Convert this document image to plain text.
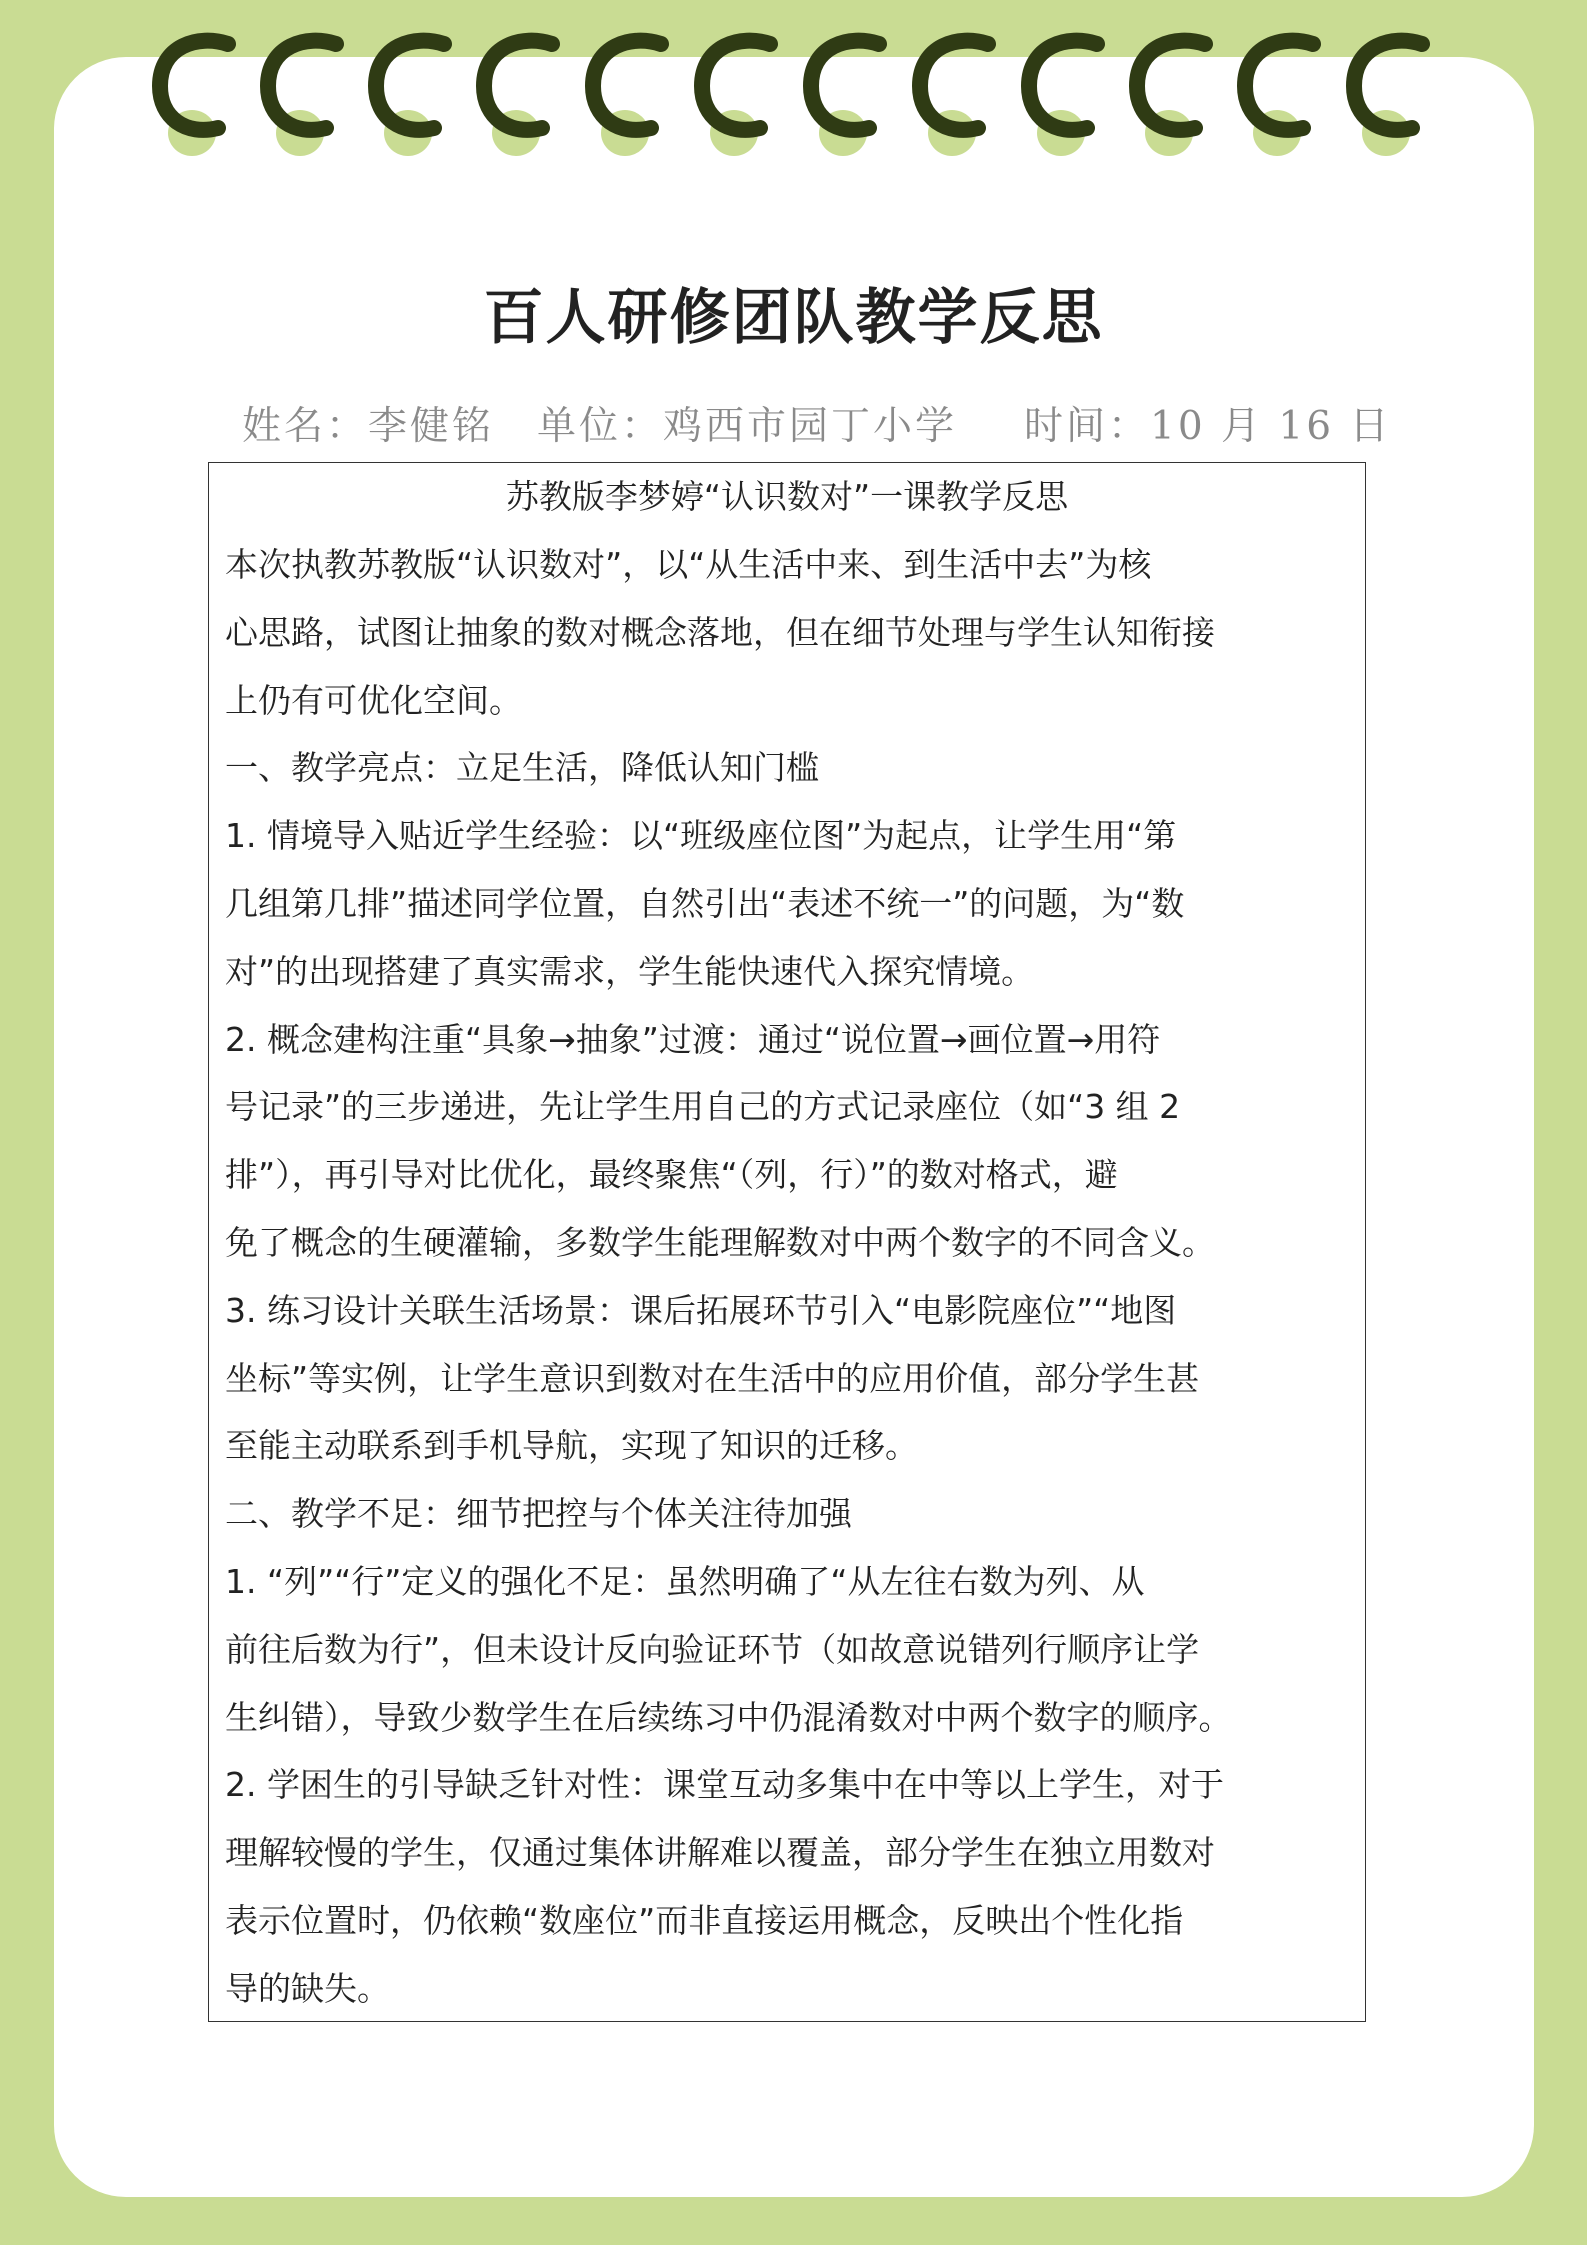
百人研修团队教学反思
姓名：李健铭 单位：鸡西市园丁小学 时间：10 月 16 日
苏教版李梦婷“认识数对”一课教学反思
本次执教苏教版“认识数对”，以“从生活中来、到生活中去”为核
心思路，试图让抽象的数对概念落地，但在细节处理与学生认知衔接
上仍有可优化空间。
一、教学亮点：立足生活，降低认知门槛
1. 情境导入贴近学生经验：以“班级座位图”为起点，让学生用“第
几组第几排”描述同学位置，自然引出“表述不统一”的问题，为“数
对”的出现搭建了真实需求，学生能快速代入探究情境。
2. 概念建构注重“具象→抽象”过渡：通过“说位置→画位置→用符
号记录”的三步递进，先让学生用自己的方式记录座位（如“3 组 2
排”），再引导对比优化，最终聚焦“（列，行）”的数对格式，避
免了概念的生硬灌输，多数学生能理解数对中两个数字的不同含义。
3. 练习设计关联生活场景：课后拓展环节引入“电影院座位”“地图
坐标”等实例，让学生意识到数对在生活中的应用价值，部分学生甚
至能主动联系到手机导航，实现了知识的迁移。
二、教学不足：细节把控与个体关注待加强
1. “列”“行”定义的强化不足：虽然明确了“从左往右数为列、从
前往后数为行”，但未设计反向验证环节（如故意说错列行顺序让学
生纠错），导致少数学生在后续练习中仍混淆数对中两个数字的顺序。
2. 学困生的引导缺乏针对性：课堂互动多集中在中等以上学生，对于
理解较慢的学生，仅通过集体讲解难以覆盖，部分学生在独立用数对
表示位置时，仍依赖“数座位”而非直接运用概念，反映出个性化指
导的缺失。
